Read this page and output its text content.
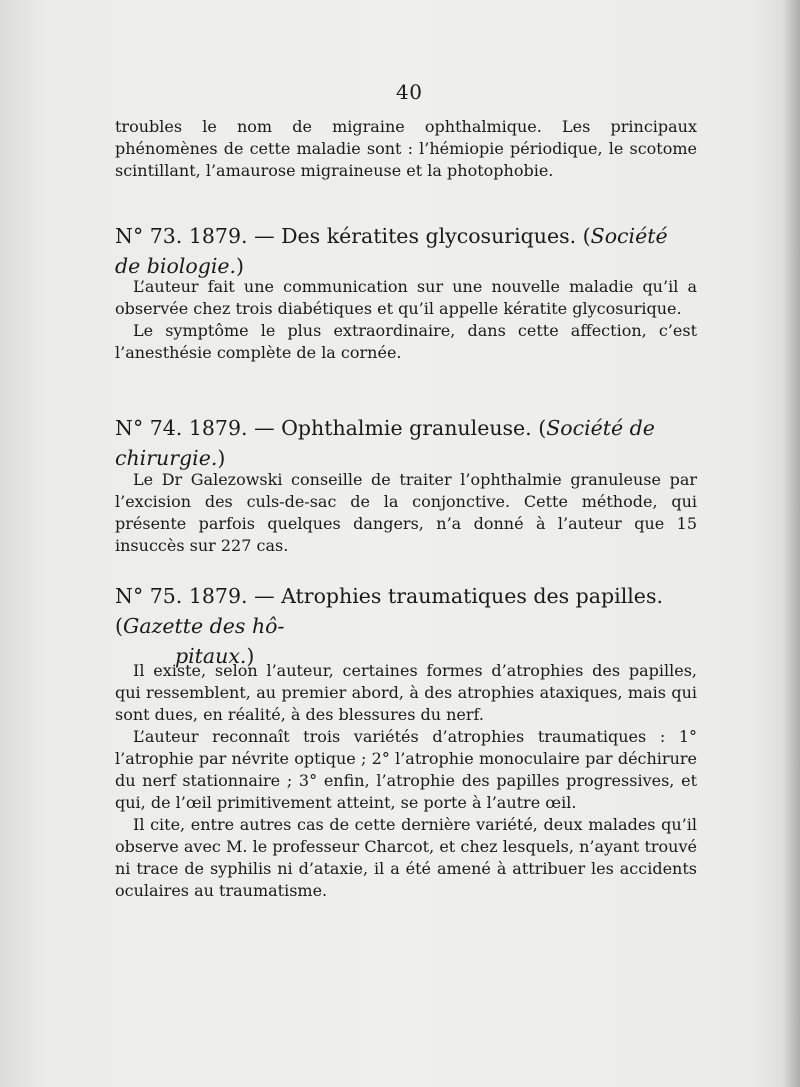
40

troubles le nom de migraine ophthalmique. Les principaux phénomènes de cette maladie sont : l’hémiopie périodique, le scotome scintillant, l’amaurose migraineuse et la photophobie.

N° 73. 1879. — Des kératites glycosuriques. (Société de biologie.)

L’auteur fait une communication sur une nouvelle maladie qu’il a observée chez trois diabétiques et qu’il appelle kératite glycosurique.

Le symptôme le plus extraordinaire, dans cette affection, c’est l’anesthésie complète de la cornée.

N° 74. 1879. — Ophthalmie granuleuse. (Société de chirurgie.)

Le Dr Galezowski conseille de traiter l’ophthalmie granuleuse par l’excision des culs-de-sac de la conjonctive. Cette méthode, qui présente parfois quelques dangers, n’a donné à l’auteur que 15 insuccès sur 227 cas.

N° 75. 1879. — Atrophies traumatiques des papilles. (Gazette des hô-
pitaux.)

Il existe, selon l’auteur, certaines formes d’atrophies des papilles, qui ressemblent, au premier abord, à des atrophies ataxiques, mais qui sont dues, en réalité, à des blessures du nerf.

L’auteur reconnaît trois variétés d’atrophies traumatiques : 1° l’atrophie par névrite optique ; 2° l’atrophie monoculaire par déchirure du nerf stationnaire ; 3° enfin, l’atrophie des papilles progressives, et qui, de l’œil primitivement atteint, se porte à l’autre œil.

Il cite, entre autres cas de cette dernière variété, deux malades qu’il observe avec M. le professeur Charcot, et chez lesquels, n’ayant trouvé ni trace de syphilis ni d’ataxie, il a été amené à attribuer les accidents oculaires au traumatisme.
